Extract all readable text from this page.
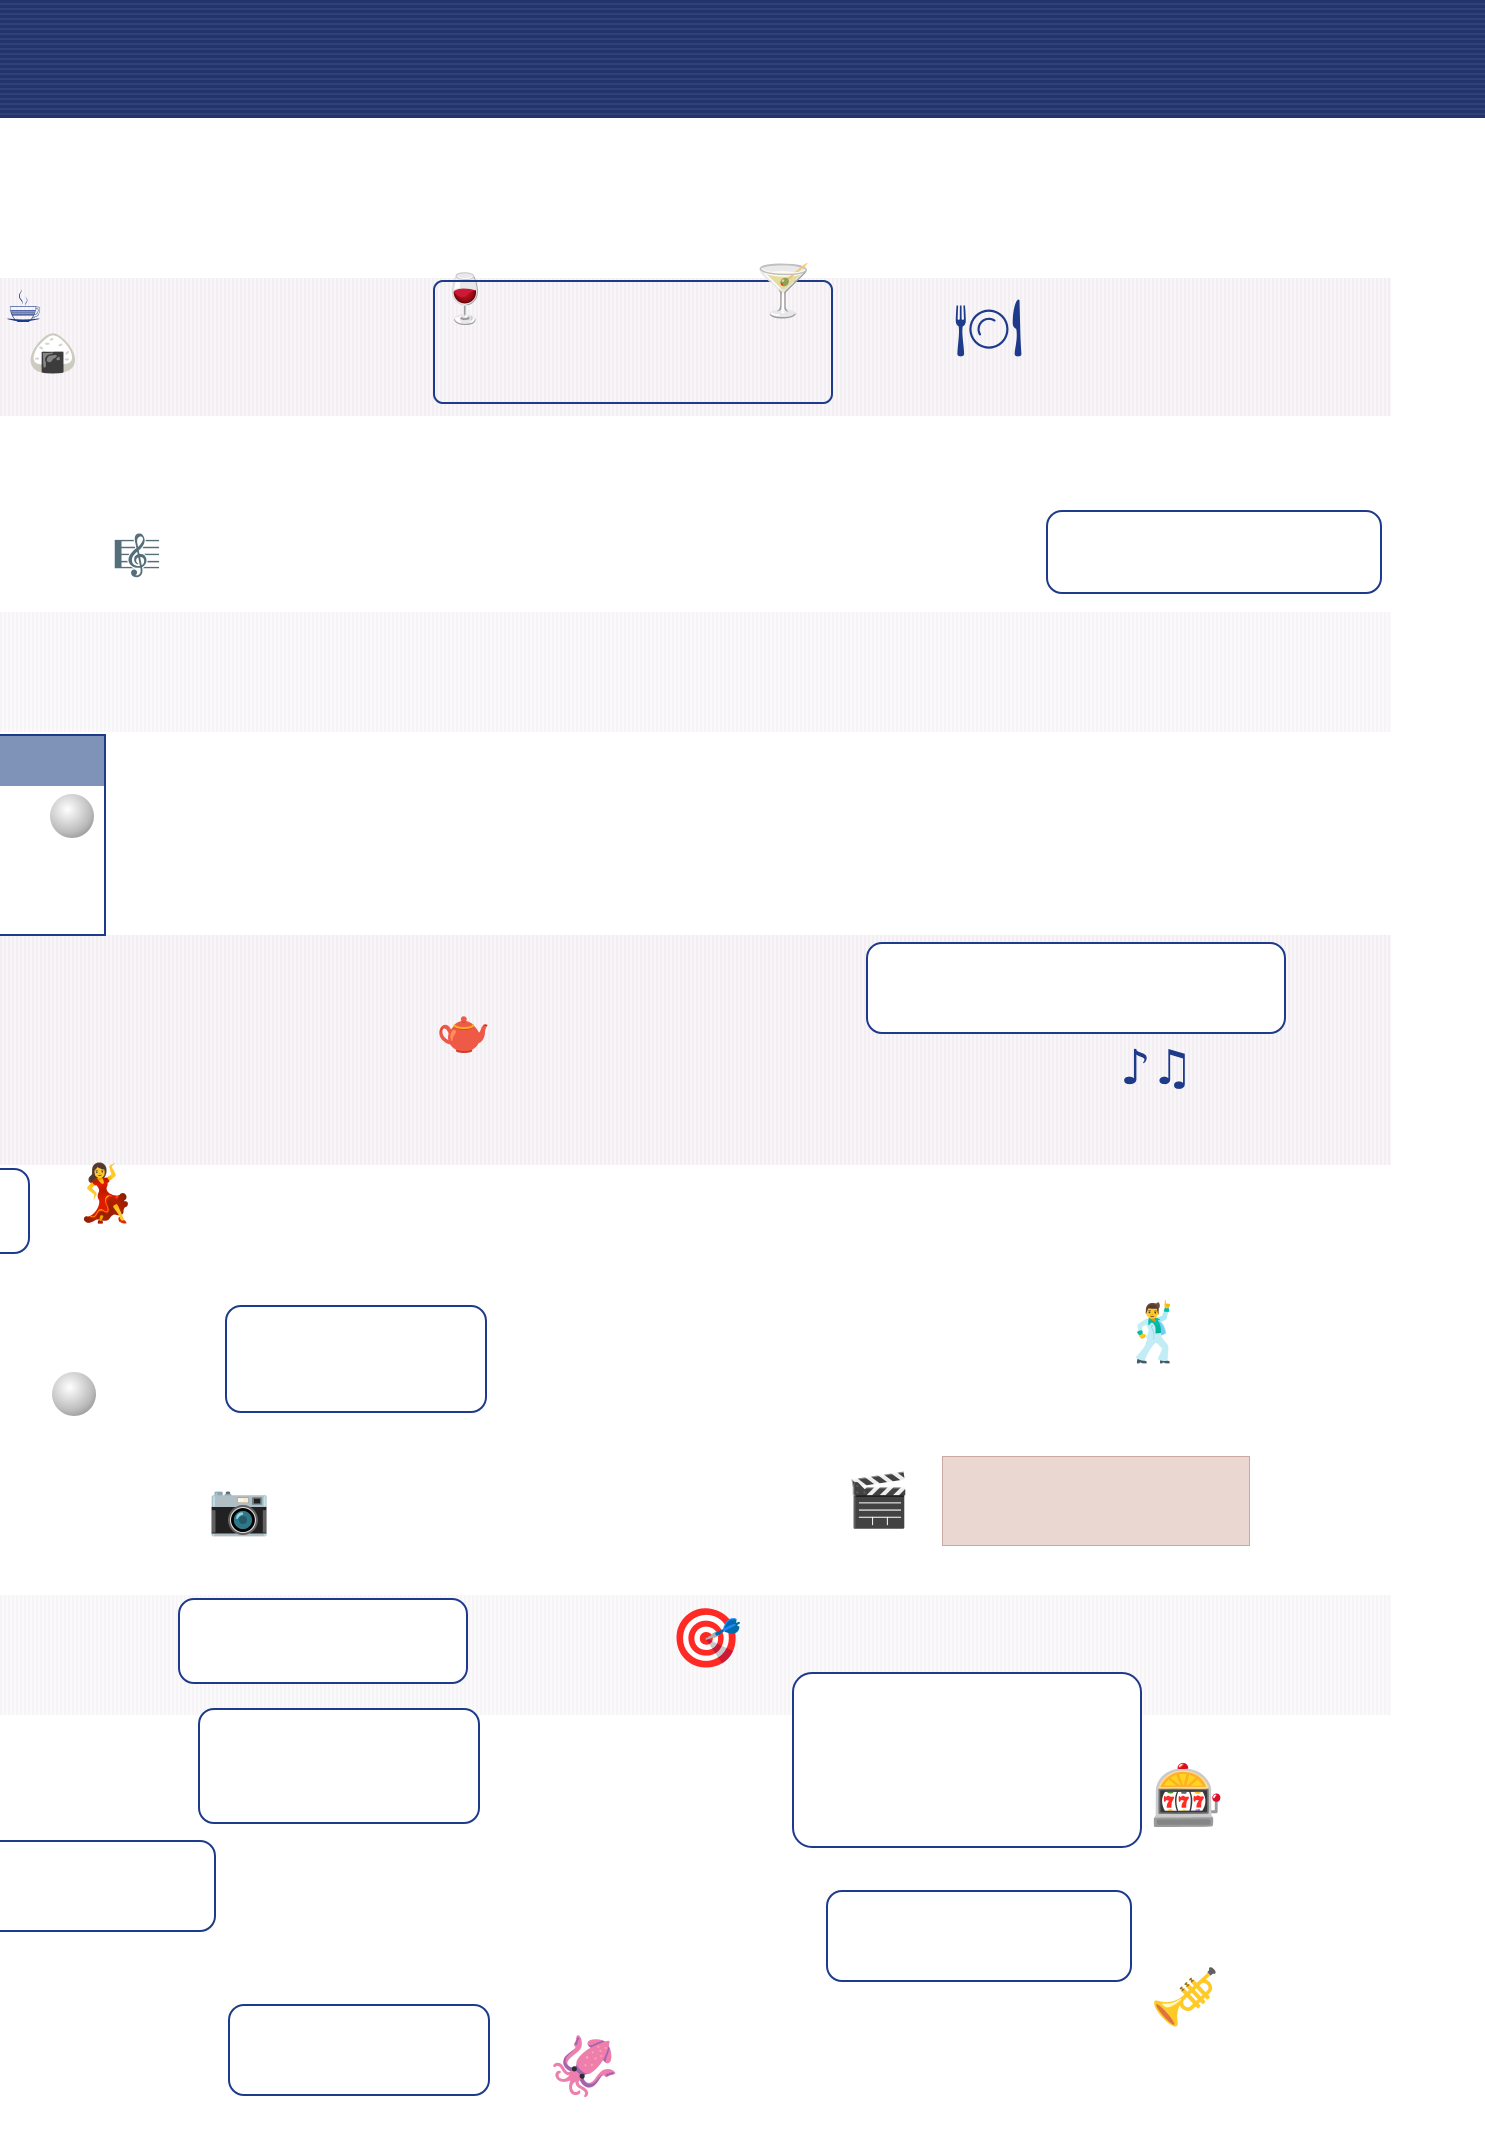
☕
🍙
🍷	🍸
🍽
🎼
🫖
♪♫
💃
🕺
📷	🎬
🎯
🎰
🦑
🎺
